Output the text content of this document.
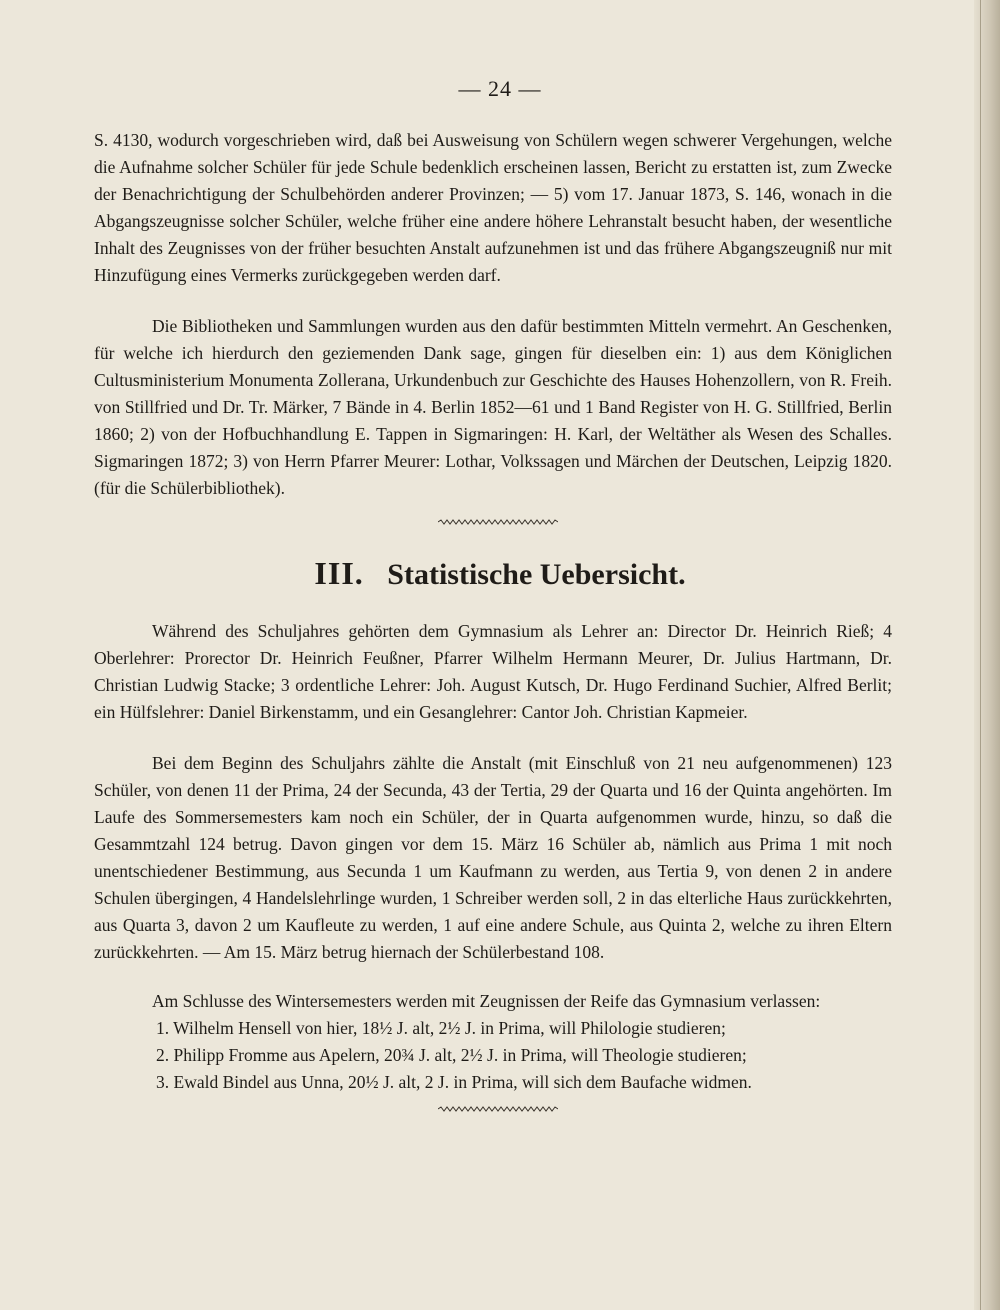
— 24 —
S. 4130, wodurch vorgeschrieben wird, daß bei Ausweisung von Schülern wegen schwerer Vergehungen, welche die Aufnahme solcher Schüler für jede Schule bedenklich erscheinen lassen, Bericht zu erstatten ist, zum Zwecke der Benachrichtigung der Schulbehörden anderer Provinzen; — 5) vom 17. Januar 1873, S. 146, wonach in die Abgangszeugnisse solcher Schüler, welche früher eine andere höhere Lehranstalt besucht haben, der wesentliche Inhalt des Zeugnisses von der früher besuchten Anstalt aufzunehmen ist und das frühere Abgangszeugniß nur mit Hinzufügung eines Vermerks zurückgegeben werden darf.
Die Bibliotheken und Sammlungen wurden aus den dafür bestimmten Mitteln vermehrt. An Geschenken, für welche ich hierdurch den geziemenden Dank sage, gingen für dieselben ein: 1) aus dem Königlichen Cultusministerium Monumenta Zollerana, Urkundenbuch zur Geschichte des Hauses Hohenzollern, von R. Freih. von Stillfried und Dr. Tr. Märker, 7 Bände in 4. Berlin 1852—61 und 1 Band Register von H. G. Stillfried, Berlin 1860; 2) von der Hofbuchhandlung E. Tappen in Sigmaringen: H. Karl, der Weltäther als Wesen des Schalles. Sigmaringen 1872; 3) von Herrn Pfarrer Meurer: Lothar, Volkssagen und Märchen der Deutschen, Leipzig 1820. (für die Schülerbibliothek).
III. Statistische Uebersicht.
Während des Schuljahres gehörten dem Gymnasium als Lehrer an: Director Dr. Heinrich Rieß; 4 Oberlehrer: Prorector Dr. Heinrich Feußner, Pfarrer Wilhelm Hermann Meurer, Dr. Julius Hartmann, Dr. Christian Ludwig Stacke; 3 ordentliche Lehrer: Joh. August Kutsch, Dr. Hugo Ferdinand Suchier, Alfred Berlit; ein Hülfslehrer: Daniel Birkenstamm, und ein Gesanglehrer: Cantor Joh. Christian Kapmeier.
Bei dem Beginn des Schuljahrs zählte die Anstalt (mit Einschluß von 21 neu aufgenommenen) 123 Schüler, von denen 11 der Prima, 24 der Secunda, 43 der Tertia, 29 der Quarta und 16 der Quinta angehörten. Im Laufe des Sommersemesters kam noch ein Schüler, der in Quarta aufgenommen wurde, hinzu, so daß die Gesammtzahl 124 betrug. Davon gingen vor dem 15. März 16 Schüler ab, nämlich aus Prima 1 mit noch unentschiedener Bestimmung, aus Secunda 1 um Kaufmann zu werden, aus Tertia 9, von denen 2 in andere Schulen übergingen, 4 Handelslehrlinge wurden, 1 Schreiber werden soll, 2 in das elterliche Haus zurückkehrten, aus Quarta 3, davon 2 um Kaufleute zu werden, 1 auf eine andere Schule, aus Quinta 2, welche zu ihren Eltern zurückkehrten. — Am 15. März betrug hiernach der Schülerbestand 108.
Am Schlusse des Wintersemesters werden mit Zeugnissen der Reife das Gymnasium verlassen:
1. Wilhelm Hensell von hier, 18½ J. alt, 2½ J. in Prima, will Philologie studieren;
2. Philipp Fromme aus Apelern, 20¾ J. alt, 2½ J. in Prima, will Theologie studieren;
3. Ewald Bindel aus Unna, 20½ J. alt, 2 J. in Prima, will sich dem Baufache widmen.
